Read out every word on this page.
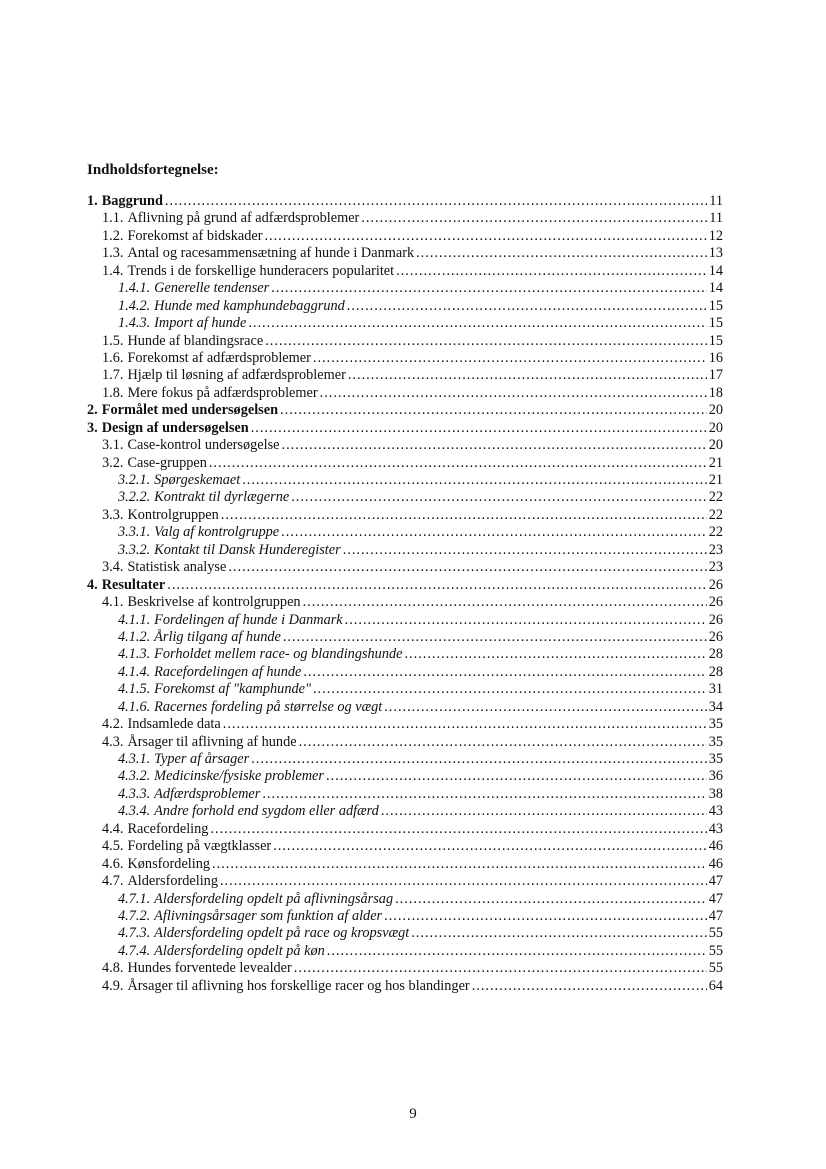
Indholdsfortegnelse:
1. Baggrund .....	11
1.1. Aflivning på grund af adfærdsproblemer .....	11
1.2. Forekomst af bidskader .....	12
1.3. Antal og racesammensætning af hunde i Danmark .....	13
1.4. Trends i de forskellige hunderacers popularitet .....	14
1.4.1. Generelle tendenser .....	14
1.4.2. Hunde med kamphundebaggrund .....	15
1.4.3. Import af hunde .....	15
1.5. Hunde af blandingsrace .....	15
1.6. Forekomst af adfærdsproblemer .....	16
1.7. Hjælp til løsning af adfærdsproblemer .....	17
1.8. Mere fokus på adfærdsproblemer .....	18
2. Formålet med undersøgelsen .....	20
3. Design af undersøgelsen .....	20
3.1. Case-kontrol undersøgelse .....	20
3.2. Case-gruppen .....	21
3.2.1. Spørgeskemaet .....	21
3.2.2. Kontrakt til dyrlægerne .....	22
3.3. Kontrolgruppen .....	22
3.3.1. Valg af kontrolgruppe .....	22
3.3.2. Kontakt til Dansk Hunderegister .....	23
3.4. Statistisk analyse .....	23
4. Resultater .....	26
4.1. Beskrivelse af kontrolgruppen .....	26
4.1.1. Fordelingen af hunde i Danmark .....	26
4.1.2. Årlig tilgang af hunde .....	26
4.1.3. Forholdet mellem race- og blandingshunde .....	28
4.1.4. Racefordelingen af hunde .....	28
4.1.5. Forekomst af "kamphunde" .....	31
4.1.6. Racernes fordeling på størrelse og vægt .....	34
4.2. Indsamlede data .....	35
4.3. Årsager til aflivning af hunde .....	35
4.3.1. Typer af årsager .....	35
4.3.2. Medicinske/fysiske problemer .....	36
4.3.3. Adfærdsproblemer .....	38
4.3.4. Andre forhold end sygdom eller adfærd .....	43
4.4. Racefordeling .....	43
4.5. Fordeling på vægtklasser .....	46
4.6. Kønsfordeling .....	46
4.7. Aldersfordeling .....	47
4.7.1. Aldersfordeling opdelt på aflivningsårsag .....	47
4.7.2. Aflivningsårsager som funktion af alder .....	47
4.7.3. Aldersfordeling opdelt på race og kropsvægt .....	55
4.7.4. Aldersfordeling opdelt på køn .....	55
4.8. Hundes forventede levealder .....	55
4.9. Årsager til aflivning hos forskellige racer og hos blandinger .....	64
9
